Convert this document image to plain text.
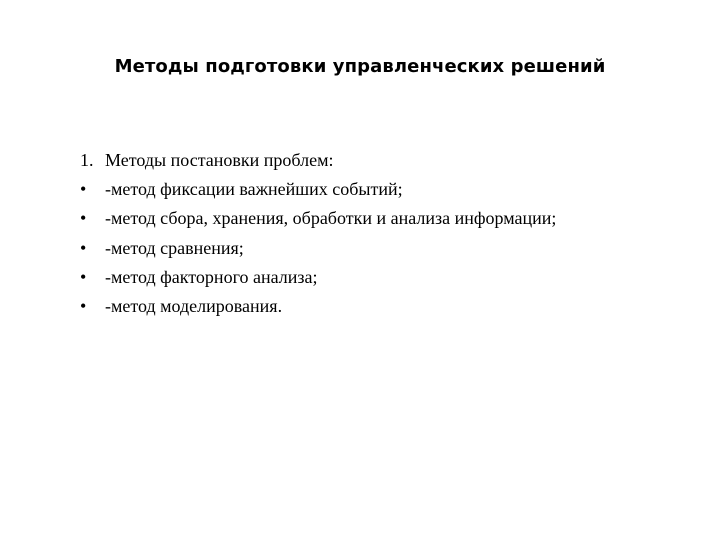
Методы подготовки управленческих решений
1. Методы постановки проблем:
•	-метод фиксации важнейших событий;
•	-метод сбора, хранения, обработки и анализа информации;
•	-метод сравнения;
•	-метод факторного анализа;
•	-метод моделирования.
